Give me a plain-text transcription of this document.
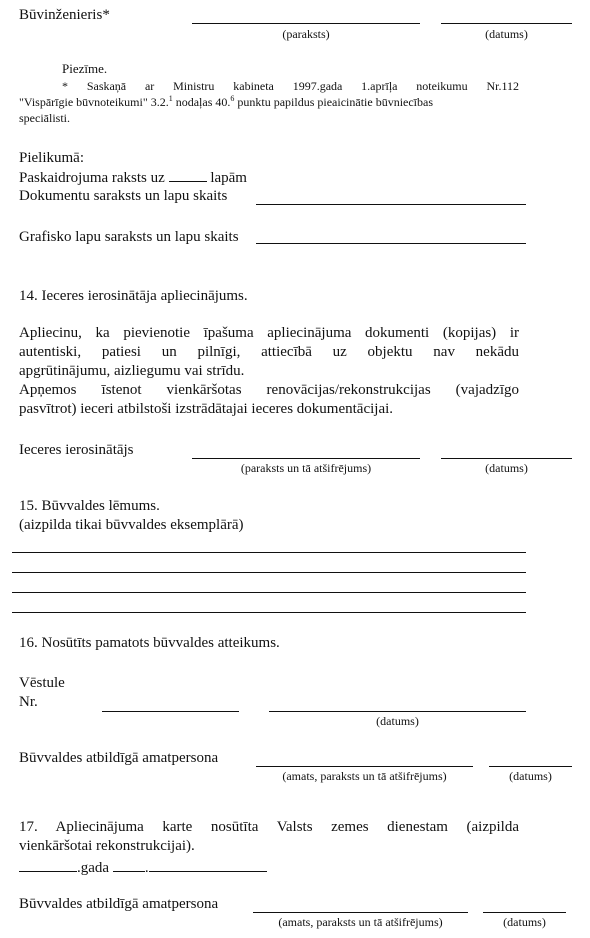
Būvinženieris*
(paraksts)	(datums)
Piezīme.
* Saskaņā ar Ministru kabineta 1997.gada 1.aprīļa noteikumu Nr.112
"Vispārīgie būvnoteikumi" 3.2.$^1$ nodaļas 40.$^6$ punktu papildus pieaicinātie būvniecības
speciālisti.
Pielikumā:
Paskaidrojuma raksts uz	lapām
Dokumentu saraksts un lapu skaits
Grafisko lapu saraksts un lapu skaits
14. Ieceres ierosinātāja apliecinājums.
Apliecinu, ka pievienotie īpašuma apliecinājuma dokumenti (kopijas) ir
autentiski, patiesi un pilnīgi, attiecībā uz objektu nav nekādu
apgrūtinājumu, aizliegumu vai strīdu.
Apņemos īstenot vienkāršotas renovācijas/rekonstrukcijas (vajadzīgo
pasvītrot) ieceri atbilstoši izstrādātajai ieceres dokumentācijai.
Ieceres ierosinātājs
(paraksts un tā atšifrējums)	(datums)
15. Būvvaldes lēmums.
(aizpilda tikai būvvaldes eksemplārā)
16. Nosūtīts pamatots būvvaldes atteikums.
Vēstule
Nr.
(datums)
Būvvaldes atbildīgā amatpersona
(amats, paraksts un tā atšifrējums)	(datums)
17. Apliecinājuma karte nosūtīta Valsts zemes dienestam (aizpilda
vienkāršotai rekonstrukcijai).
.gada .
Būvvaldes atbildīgā amatpersona
(amats, paraksts un tā atšifrējums)	(datums)
